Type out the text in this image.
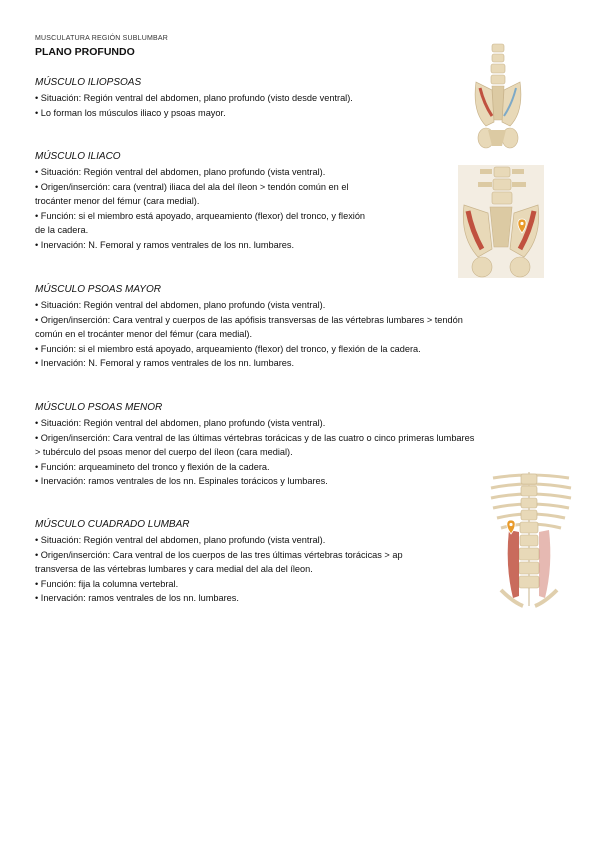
MUSCULATURA REGIÓN SUBLUMBAR
PLANO PROFUNDO
MÚSCULO ILIOPSOAS
• Situación: Región ventral del abdomen, plano profundo (visto desde ventral).
• Lo forman los músculos iliaco y psoas mayor.
MÚSCULO ILIACO
• Situación: Región ventral del abdomen, plano profundo (vista ventral).
• Origen/inserción: cara (ventral) iliaca del ala del íleon > tendón común en el
trocánter menor del fémur (cara medial).
• Función: si el miembro está apoyado, arqueamiento (flexor) del tronco, y flexión
de la cadera.
• Inervación: N. Femoral y ramos ventrales de los nn. lumbares.
MÚSCULO PSOAS MAYOR
• Situación: Región ventral del abdomen, plano profundo (vista ventral).
• Origen/inserción: Cara ventral y cuerpos de las apófisis transversas de las vértebras lumbares > tendón
común en el trocánter menor del fémur (cara medial).
• Función: si el miembro está apoyado, arqueamiento (flexor) del tronco, y flexión de la cadera.
• Inervación: N. Femoral y ramos ventrales de los nn. lumbares.
MÚSCULO PSOAS MENOR
• Situación: Región ventral del abdomen, plano profundo (vista ventral).
• Origen/inserción: Cara ventral de las últimas vértebras torácicas y de las cuatro o cinco primeras lumbares
> tubérculo del psoas menor del cuerpo del íleon (cara medial).
• Función: arqueamineto del tronco y flexión de la cadera.
• Inervación: ramos ventrales de los nn. Espinales torácicos y lumbares.
MÚSCULO CUADRADO LUMBAR
• Situación: Región ventral del abdomen, plano profundo (vista ventral).
• Origen/inserción: Cara ventral de los cuerpos de las tres últimas vértebras torácicas > ap
transversa de las vértebras lumbares y cara medial del ala del íleon.
• Función: fija la columna vertebral.
• Inervación: ramos ventrales de los nn. lumbares.
